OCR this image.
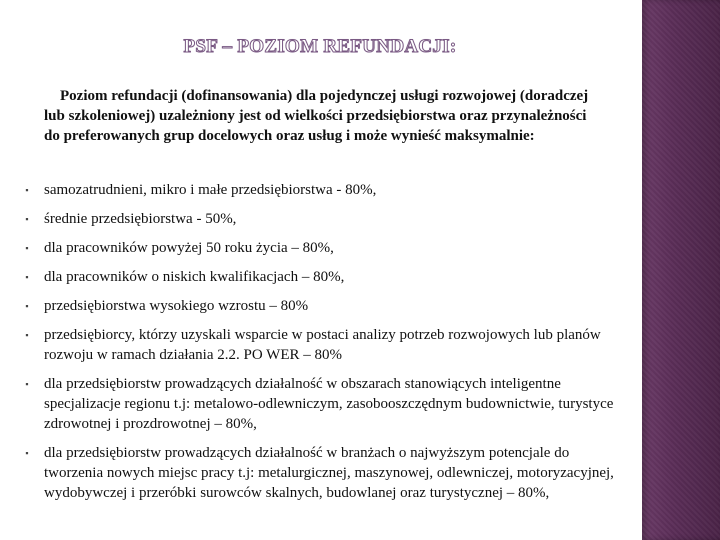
PSF – POZIOM REFUNDACJI:

Poziom refundacji (dofinansowania) dla pojedynczej usługi rozwojowej (doradczej lub szkoleniowej) uzależniony jest od wielkości przedsiębiorstwa oraz przynależności do preferowanych grup docelowych oraz usług i może wynieść maksymalnie:

▪	samozatrudnieni, mikro i małe przedsiębiorstwa - 80%,
▪	średnie przedsiębiorstwa - 50%,
▪	dla pracowników powyżej 50 roku życia – 80%,
▪	dla pracowników o niskich kwalifikacjach – 80%,
▪	przedsiębiorstwa wysokiego wzrostu – 80%
▪	przedsiębiorcy, którzy uzyskali wsparcie w postaci analizy potrzeb rozwojowych lub planów rozwoju w ramach działania 2.2. PO WER – 80%
▪	dla przedsiębiorstw prowadzących działalność w obszarach stanowiących inteligentne specjalizacje regionu t.j: metalowo-odlewniczym, zasobooszczędnym budownictwie, turystyce zdrowotnej i prozdrowotnej – 80%,
▪	dla przedsiębiorstw prowadzących działalność w branżach o najwyższym potencjale do tworzenia nowych miejsc pracy t.j: metalurgicznej, maszynowej, odlewniczej, motoryzacyjnej, wydobywczej i przeróbki surowców skalnych, budowlanej oraz turystycznej – 80%,
